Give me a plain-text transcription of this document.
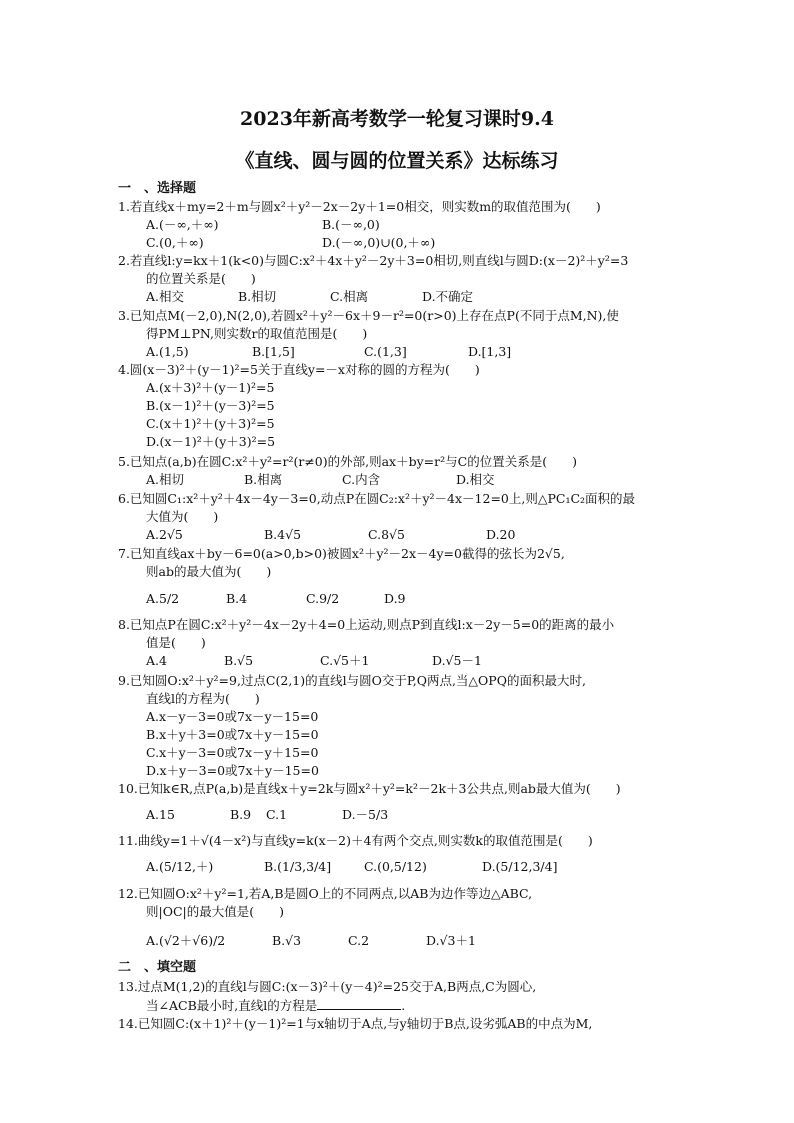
2023年新高考数学一轮复习课时9.4
《直线、圆与圆的位置关系》达标练习
一　、选择题
1.若直线x＋my=2＋m与圆x²＋y²－2x－2y＋1=0相交，则实数m的取值范围为(　　)
A.(－∞,＋∞)	B.(－∞,0)
C.(0,＋∞)	D.(－∞,0)∪(0,＋∞)
2.若直线l:y=kx＋1(k<0)与圆C:x²＋4x＋y²－2y＋3=0相切,则直线l与圆D:(x－2)²＋y²=3
的位置关系是(　　)
A.相交	B.相切	C.相离	D.不确定
3.已知点M(－2,0),N(2,0),若圆x²＋y²－6x＋9－r²=0(r>0)上存在点P(不同于点M,N),使
得PM⊥PN,则实数r的取值范围是(　　)
A.(1,5)	B.[1,5]	C.(1,3]	D.[1,3]
4.圆(x－3)²＋(y－1)²=5关于直线y=－x对称的圆的方程为(　　)
A.(x＋3)²＋(y－1)²=5
B.(x－1)²＋(y－3)²=5
C.(x＋1)²＋(y＋3)²=5
D.(x－1)²＋(y＋3)²=5
5.已知点(a,b)在圆C:x²＋y²=r²(r≠0)的外部,则ax＋by=r²与C的位置关系是(　　)
A.相切	B.相离	C.内含	D.相交
6.已知圆C₁:x²＋y²＋4x－4y－3=0,动点P在圆C₂:x²＋y²－4x－12=0上,则△PC₁C₂面积的最
大值为(　　)
A.2√5	B.4√5	C.8√5	D.20
7.已知直线ax＋by－6=0(a>0,b>0)被圆x²＋y²－2x－4y=0截得的弦长为2√5,
则ab的最大值为(　　)
A.5/2	B.4	C.9/2	D.9
8.已知点P在圆C:x²＋y²－4x－2y＋4=0上运动,则点P到直线l:x－2y－5=0的距离的最小
值是(　　)
A.4	B.√5	C.√5＋1	D.√5－1
9.已知圆O:x²＋y²=9,过点C(2,1)的直线l与圆O交于P,Q两点,当△OPQ的面积最大时,
直线l的方程为(　　)
A.x－y－3=0或7x－y－15=0
B.x＋y＋3=0或7x＋y－15=0
C.x＋y－3=0或7x－y＋15=0
D.x＋y－3=0或7x＋y－15=0
10.已知k∈R,点P(a,b)是直线x＋y=2k与圆x²＋y²=k²－2k＋3公共点,则ab最大值为(　　)
A.15	B.9 C.1	D.－5/3
11.曲线y=1＋√(4－x²)与直线y=k(x－2)＋4有两个交点,则实数k的取值范围是(　　)
A.(5/12,＋)	B.(1/3,3/4]	C.(0,5/12)	D.(5/12,3/4]
12.已知圆O:x²＋y²=1,若A,B是圆O上的不同两点,以AB为边作等边△ABC,
则|OC|的最大值是(　　)
A.(√2＋√6)/2	B.√3	C.2	D.√3＋1
二　、填空题
13.过点M(1,2)的直线l与圆C:(x－3)²＋(y－4)²=25交于A,B两点,C为圆心,
当∠ACB最小时,直线l的方程是	.
14.已知圆C:(x＋1)²＋(y－1)²=1与x轴切于A点,与y轴切于B点,设劣弧AB的中点为M,
